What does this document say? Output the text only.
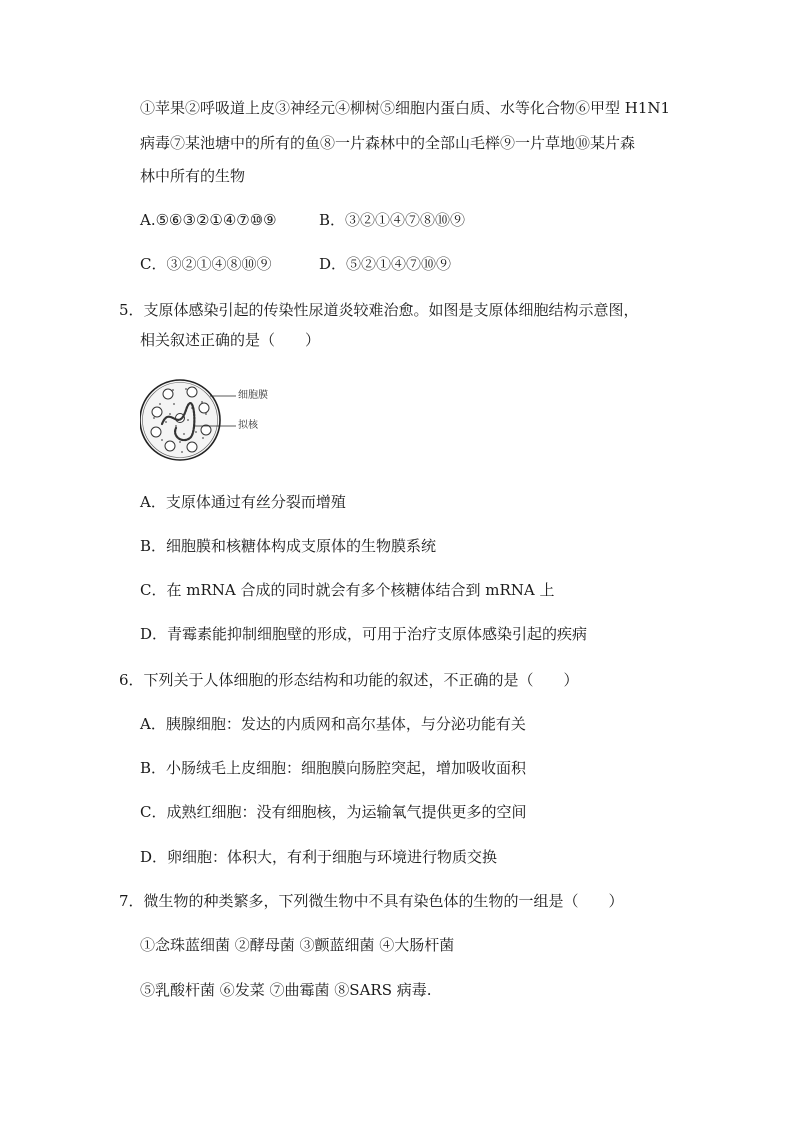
①苹果②呼吸道上皮③神经元④柳树⑤细胞内蛋白质、水等化合物⑥甲型 H1N1
病毒⑦某池塘中的所有的鱼⑧一片森林中的全部山毛榉⑨一片草地⑩某片森
林中所有的生物
A.⑤⑥③②①④⑦⑩⑨	B．③②①④⑦⑧⑩⑨
C．③②①④⑧⑩⑨	D．⑤②①④⑦⑩⑨
5．支原体感染引起的传染性尿道炎较难治愈。如图是支原体细胞结构示意图，
相关叙述正确的是（　　）
细胞膜
拟核
A．支原体通过有丝分裂而增殖
B．细胞膜和核糖体构成支原体的生物膜系统
C．在 mRNA 合成的同时就会有多个核糖体结合到 mRNA 上
D．青霉素能抑制细胞壁的形成，可用于治疗支原体感染引起的疾病
6．下列关于人体细胞的形态结构和功能的叙述，不正确的是（　　）
A．胰腺细胞：发达的内质网和高尔基体，与分泌功能有关
B．小肠绒毛上皮细胞：细胞膜向肠腔突起，增加吸收面积
C．成熟红细胞：没有细胞核，为运输氧气提供更多的空间
D．卵细胞：体积大，有利于细胞与环境进行物质交换
7．微生物的种类繁多，下列微生物中不具有染色体的生物的一组是（　　）
①念珠蓝细菌 ②酵母菌 ③颤蓝细菌 ④大肠杆菌
⑤乳酸杆菌 ⑥发菜 ⑦曲霉菌 ⑧SARS 病毒.
